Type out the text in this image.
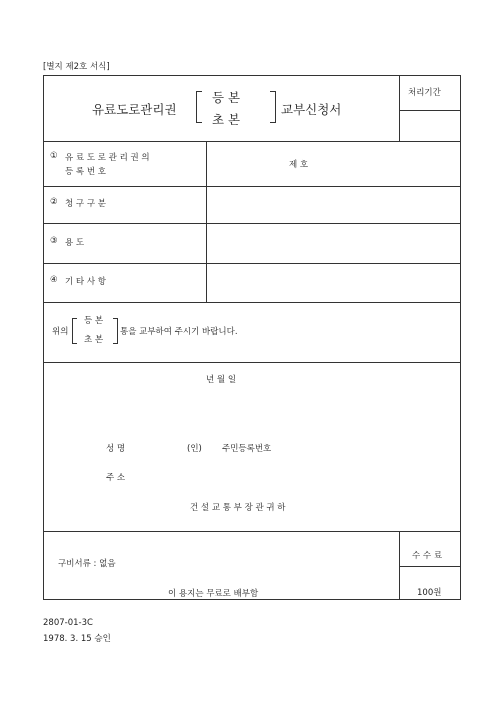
[별지 제2호 서식]
유료도로관리권
등 본
초 본
교부신청서
처리기간
① 유 료 도 로 관 리 권 의
등 록 번 호
제 호
② 청 구 구 분
③ 용 도
④ 기 타 사 항
위의
등 본
초 본
통을 교부하여 주시기 바랍니다.
년 월 일
성 명	(인) 주민등록번호
주 소
건 설 교 통 부 장 관 귀 하
구비서류 : 없음
이 용지는 무료로 배부함
수 수 료
100원
2807-01-3C
1978. 3. 15 승인
